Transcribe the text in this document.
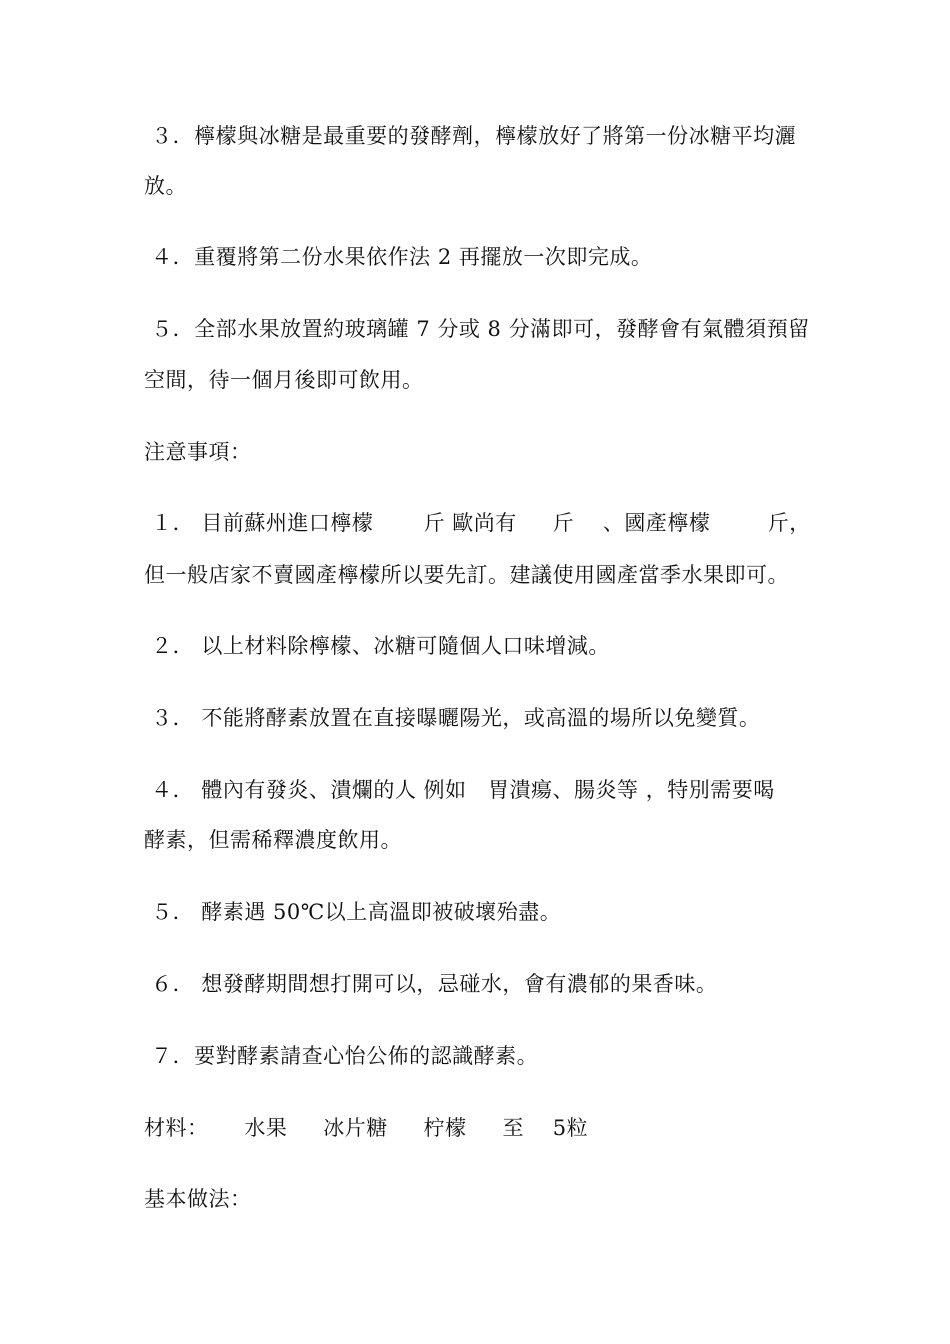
３．檸檬與冰糖是最重要的發酵劑，檸檬放好了將第一份冰糖平均灑
放。
４．重覆將第二份水果依作法 2 再擺放一次即完成。
５．全部水果放置約玻璃罐 7 分或 8 分滿即可，發酵會有氣體須預留
空間，待一個月後即可飲用。
注意事項：
１． 目前蘇州進口檸檬       斤 歐尚有     斤    、國產檸檬        斤，
但一般店家不賣國產檸檬所以要先訂。建議使用國產當季水果即可。
２． 以上材料除檸檬、冰糖可隨個人口味增減。
３． 不能將酵素放置在直接曝曬陽光，或高溫的場所以免變質。
４． 體內有發炎、潰爛的人 例如   胃潰瘍、腸炎等 ，特別需要喝
酵素，但需稀釋濃度飲用。
５． 酵素遇 50℃以上高溫即被破壞殆盡。
６． 想發酵期間想打開可以，忌碰水，會有濃郁的果香味。
７．要對酵素請查心怡公佈的認識酵素。
材料：     水果     冰片糖     柠檬     至    5粒
基本做法：
